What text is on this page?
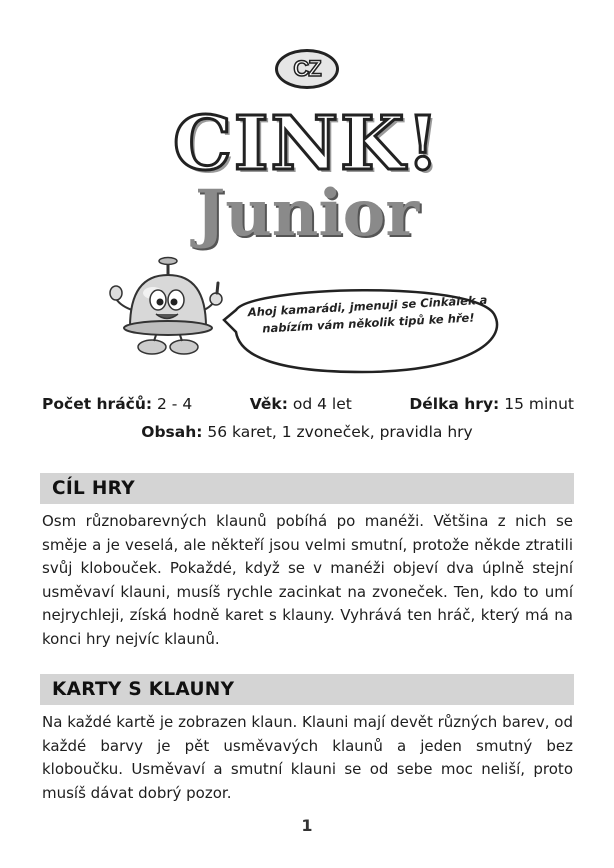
CZ
CINK!
Junior

Ahoj kamarádi, jmenuji se Cinkálek a nabízím vám několik tipů ke hře!

Počet hráčů: 2 - 4	Věk: od 4 let	Délka hry: 15 minut
Obsah: 56 karet, 1 zvoneček, pravidla hry
CÍL HRY

Osm různobarevných klaunů pobíhá po manéži. Většina z nich se směje a je veselá, ale někteří jsou velmi smutní, protože někde ztratili svůj klobouček. Pokaždé, když se v manéži objeví dva úplně stejní usměvaví klauni, musíš rychle zacinkat na zvoneček. Ten, kdo to umí nejrychleji, získá hodně karet s klauny. Vyhrává ten hráč, který má na konci hry nejvíc klaunů.

KARTY S KLAUNY

Na každé kartě je zobrazen klaun. Klauni mají devět různých barev, od každé barvy je pět usměvavých klaunů a jeden smutný bez kloboučku. Usměvaví a smutní klauni se od sebe moc neliší, proto musíš dávat dobrý pozor.

1
